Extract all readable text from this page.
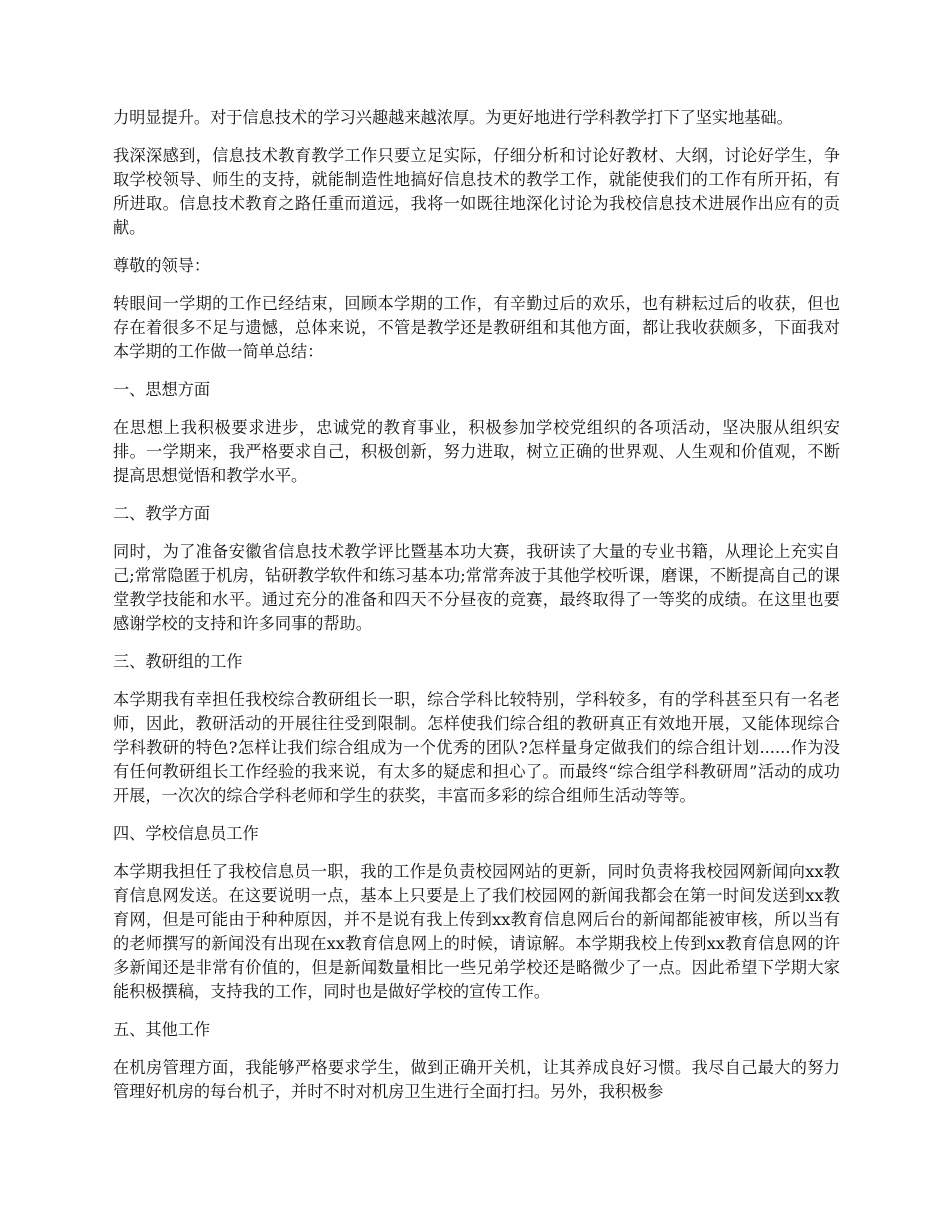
力明显提升。对于信息技术的学习兴趣越来越浓厚。为更好地进行学科教学打下了坚实地基础。

我深深感到，信息技术教育教学工作只要立足实际，仔细分析和讨论好教材、大纲，讨论好学生，争取学校领导、师生的支持，就能制造性地搞好信息技术的教学工作，就能使我们的工作有所开拓，有所进取。信息技术教育之路任重而道远，我将一如既往地深化讨论为我校信息技术进展作出应有的贡献。

尊敬的领导：

转眼间一学期的工作已经结束，回顾本学期的工作，有辛勤过后的欢乐，也有耕耘过后的收获，但也存在着很多不足与遗憾，总体来说，不管是教学还是教研组和其他方面，都让我收获颇多，下面我对本学期的工作做一简单总结：

一、思想方面

在思想上我积极要求进步，忠诚党的教育事业，积极参加学校党组织的各项活动，坚决服从组织安排。一学期来，我严格要求自己，积极创新，努力进取，树立正确的世界观、人生观和价值观，不断提高思想觉悟和教学水平。

二、教学方面

同时，为了准备安徽省信息技术教学评比暨基本功大赛，我研读了大量的专业书籍，从理论上充实自己;常常隐匿于机房，钻研教学软件和练习基本功;常常奔波于其他学校听课，磨课，不断提高自己的课堂教学技能和水平。通过充分的准备和四天不分昼夜的竞赛，最终取得了一等奖的成绩。在这里也要感谢学校的支持和许多同事的帮助。

三、教研组的工作

本学期我有幸担任我校综合教研组长一职，综合学科比较特别，学科较多，有的学科甚至只有一名老师，因此，教研活动的开展往往受到限制。怎样使我们综合组的教研真正有效地开展，又能体现综合学科教研的特色?怎样让我们综合组成为一个优秀的团队?怎样量身定做我们的综合组计划......作为没有任何教研组长工作经验的我来说，有太多的疑虑和担心了。而最终“综合组学科教研周”活动的成功开展，一次次的综合学科老师和学生的获奖，丰富而多彩的综合组师生活动等等。

四、学校信息员工作

本学期我担任了我校信息员一职，我的工作是负责校园网站的更新，同时负责将我校园网新闻向xx教育信息网发送。在这要说明一点，基本上只要是上了我们校园网的新闻我都会在第一时间发送到xx教育网，但是可能由于种种原因，并不是说有我上传到xx教育信息网后台的新闻都能被审核，所以当有的老师撰写的新闻没有出现在xx教育信息网上的时候，请谅解。本学期我校上传到xx教育信息网的许多新闻还是非常有价值的，但是新闻数量相比一些兄弟学校还是略微少了一点。因此希望下学期大家能积极撰稿，支持我的工作，同时也是做好学校的宣传工作。

五、其他工作

在机房管理方面，我能够严格要求学生，做到正确开关机，让其养成良好习惯。我尽自己最大的努力管理好机房的每台机子，并时不时对机房卫生进行全面打扫。另外，我积极参
